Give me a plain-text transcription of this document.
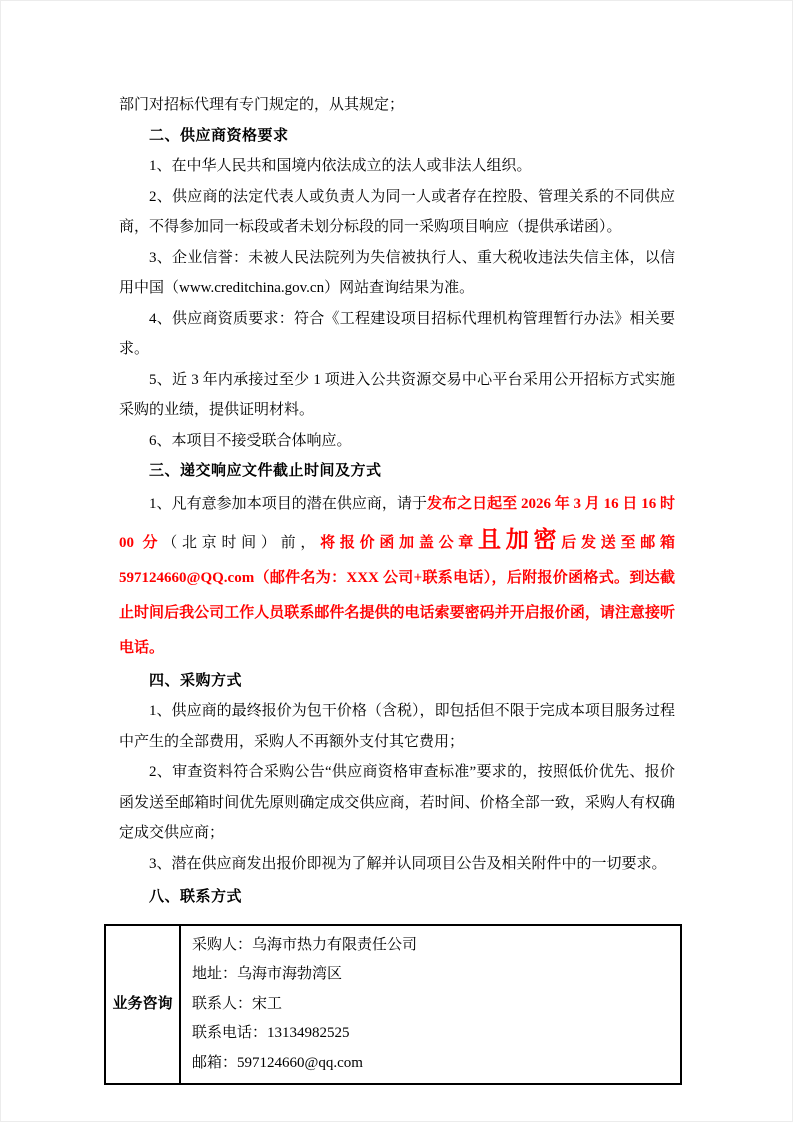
部门对招标代理有专门规定的，从其规定；

二、供应商资格要求

1、在中华人民共和国境内依法成立的法人或非法人组织。

2、供应商的法定代表人或负责人为同一人或者存在控股、管理关系的不同供应商，不得参加同一标段或者未划分标段的同一采购项目响应（提供承诺函）。

3、企业信誉：未被人民法院列为失信被执行人、重大税收违法失信主体，以信用中国（www.creditchina.gov.cn）网站查询结果为准。

4、供应商资质要求：符合《工程建设项目招标代理机构管理暂行办法》相关要求。

5、近 3 年内承接过至少 1 项进入公共资源交易中心平台采用公开招标方式实施采购的业绩，提供证明材料。

6、本项目不接受联合体响应。

三、递交响应文件截止时间及方式

1、凡有意参加本项目的潜在供应商，请于发布之日起至 2026 年 3 月 16 日 16 时 00 分（北京时间）前，将报价函加盖公章且加密后发送至邮箱 597124660@QQ.com（邮件名为：XXX 公司+联系电话），后附报价函格式。到达截止时间后我公司工作人员联系邮件名提供的电话索要密码并开启报价函，请注意接听电话。

四、采购方式

1、供应商的最终报价为包干价格（含税），即包括但不限于完成本项目服务过程中产生的全部费用，采购人不再额外支付其它费用；

2、审查资料符合采购公告“供应商资格审查标准”要求的，按照低价优先、报价函发送至邮箱时间优先原则确定成交供应商，若时间、价格全部一致，采购人有权确定成交供应商；

3、潜在供应商发出报价即视为了解并认同项目公告及相关附件中的一切要求。

八、联系方式

业务咨询	
采购人：乌海市热力有限责任公司
地址：乌海市海勃湾区
联系人：宋工
联系电话：13134982525
邮箱：597124660@qq.com
